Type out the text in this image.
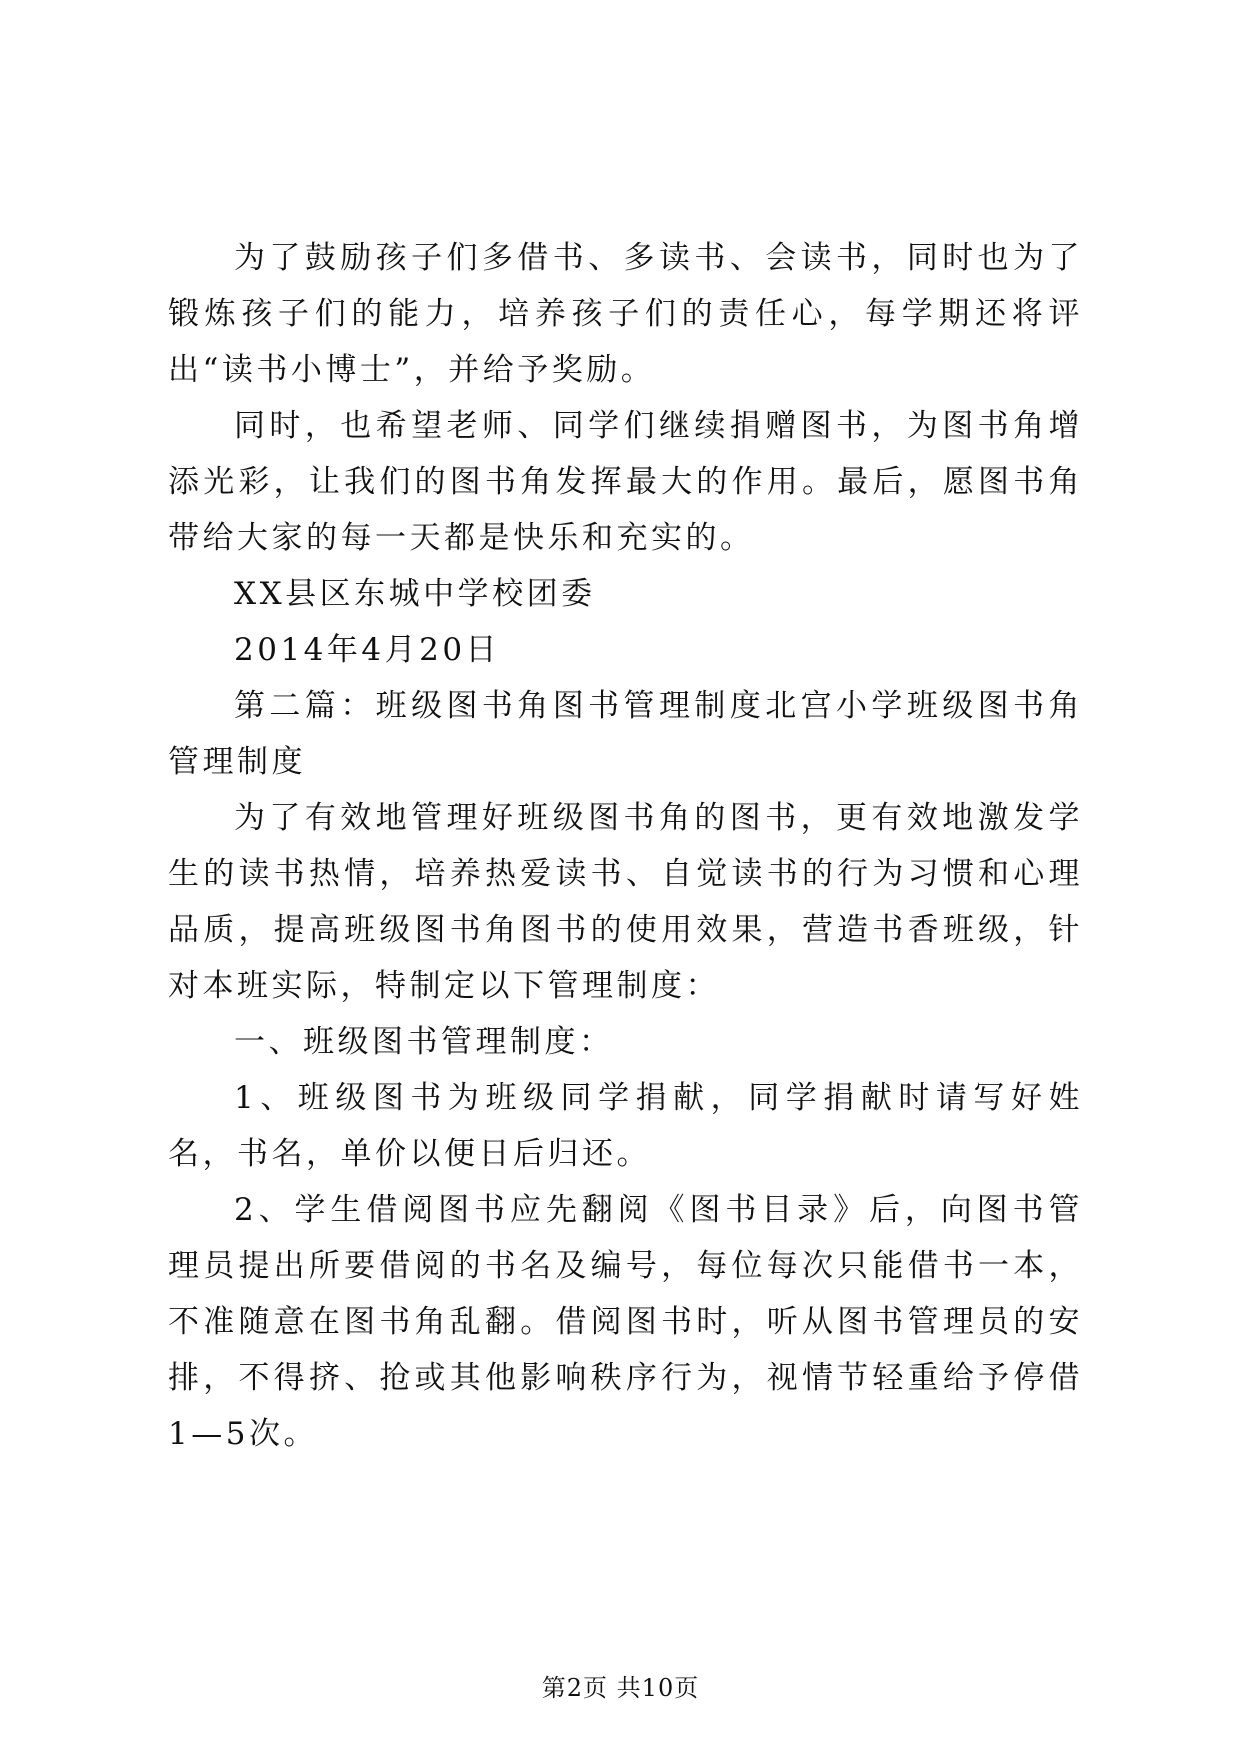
为了鼓励孩子们多借书、多读书、会读书，同时也为了锻炼孩子们的能力，培养孩子们的责任心，每学期还将评出“读书小博士”，并给予奖励。

同时，也希望老师、同学们继续捐赠图书，为图书角增添光彩，让我们的图书角发挥最大的作用。最后，愿图书角带给大家的每一天都是快乐和充实的。

XX县区东城中学校团委

2014年4月20日

第二篇：班级图书角图书管理制度北宫小学班级图书角管理制度

为了有效地管理好班级图书角的图书，更有效地激发学生的读书热情，培养热爱读书、自觉读书的行为习惯和心理品质，提高班级图书角图书的使用效果，营造书香班级，针对本班实际，特制定以下管理制度：

一、班级图书管理制度：

1、班级图书为班级同学捐献，同学捐献时请写好姓名，书名，单价以便日后归还。

2、学生借阅图书应先翻阅《图书目录》后，向图书管理员提出所要借阅的书名及编号，每位每次只能借书一本，不准随意在图书角乱翻。借阅图书时，听从图书管理员的安排，不得挤、抢或其他影响秩序行为，视情节轻重给予停借1—5次。

第2页 共10页
